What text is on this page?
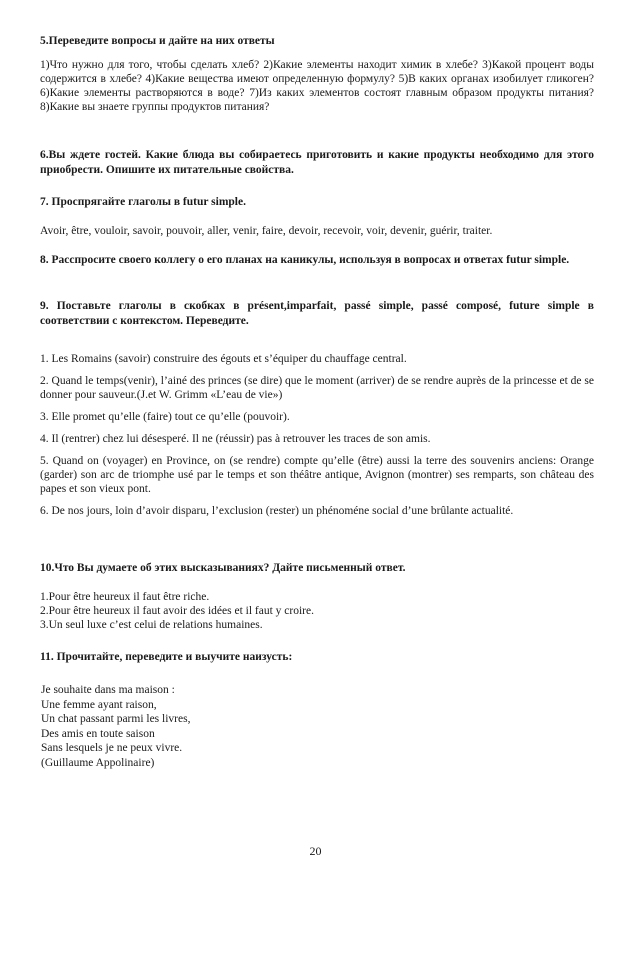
5.Переведите вопросы и дайте на них ответы

1)Что нужно для того, чтобы сделать хлеб? 2)Какие элементы находит химик в хлебе? 3)Какой процент воды содержится в хлебе? 4)Какие вещества имеют определенную формулу? 5)В каких органах изобилует гликоген? 6)Какие элементы растворяются в воде? 7)Из каких элементов состоят главным образом продукты питания? 8)Какие вы знаете группы продуктов питания?

6.Вы ждете гостей. Какие блюда вы собираетесь приготовить и какие продукты необходимо для этого приобрести. Опишите их питательные свойства.

7. Проспрягайте глаголы в futur simple.

Avoir, être, vouloir, savoir, pouvoir, aller, venir, faire, devoir, recevoir, voir, devenir, guérir, traiter.

8. Расспросите своего коллегу о его планах на каникулы, используя в вопросах и ответах futur simple.

9. Поставьте глаголы в скобках в présent,imparfait, passé simple, passé composé, future simple в соответствии с контекстом. Переведите.

1. Les Romains (savoir) construire des égouts et s’équiper du chauffage central.

2. Quand le temps(venir), l’ainé des princes (se dire) que le moment (arriver) de se rendre auprès de la princesse et de se donner pour sauveur.(J.et W. Grimm «L’eau de vie»)

3. Elle promet qu’elle (faire) tout ce qu’elle (pouvoir).

4. Il (rentrer) chez lui désesperé. Il ne (réussir) pas à retrouver les traces de son amis.

5. Quand on (voyager) en Province, on (se rendre) compte qu’elle (être) aussi la terre des souvenirs anciens: Orange (garder) son arc de triomphe usé par le temps et son théâtre antique, Avignon (montrer) ses remparts, son château des papes et son vieux pont.

6. De nos jours, loin d’avoir disparu, l’exclusion (rester) un phénoméne social d’une brûlante actualité.

10.Что Вы думаете об этих высказываниях? Дайте письменный ответ.

1.Pour être heureux il faut être riche.

2.Pour être heureux il faut avoir des idées et il faut y croire.

3.Un seul luxe c’est celui de relations humaines.

11. Прочитайте, переведите и выучите наизусть:

Je souhaite dans ma maison :

Une femme ayant raison,

Un chat passant parmi les livres,

Des amis en toute saison

Sans lesquels je ne peux vivre.

(Guillaume Appolinaire)

20
